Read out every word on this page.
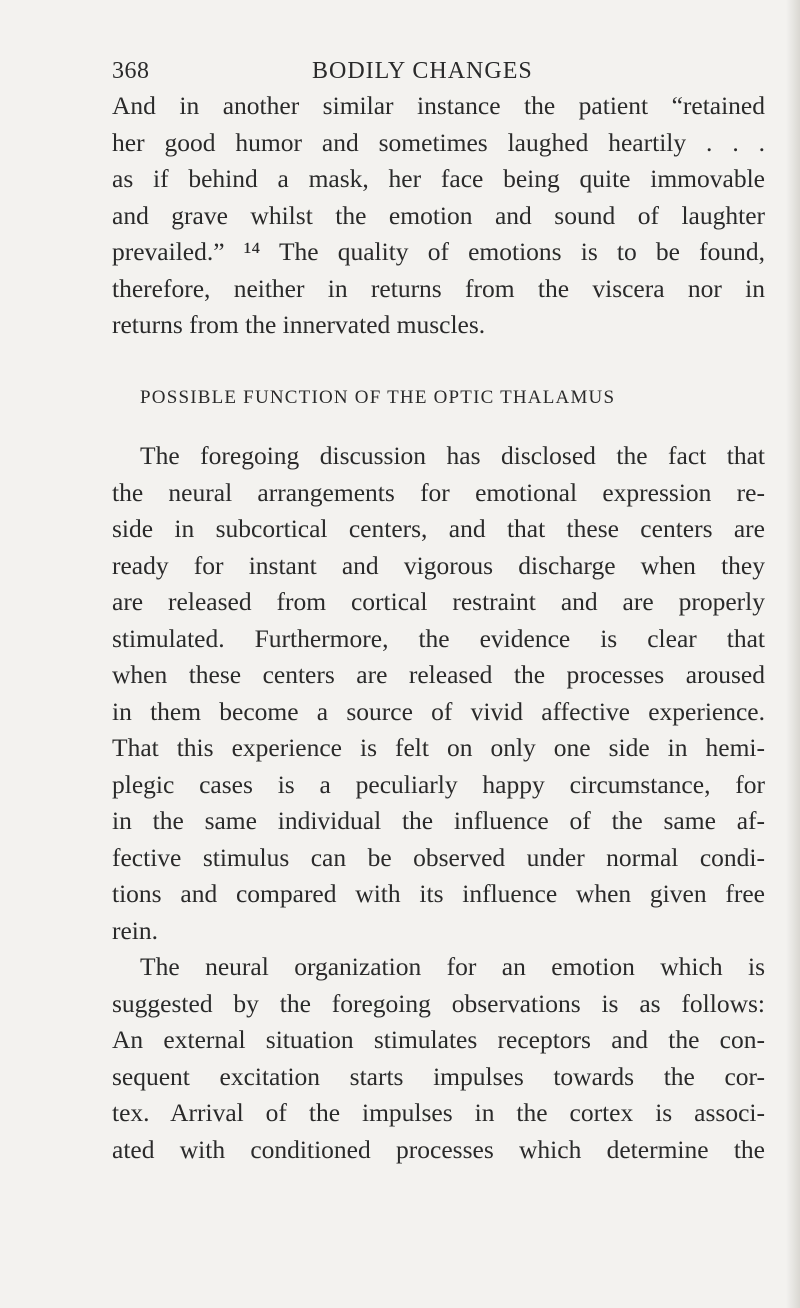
368	BODILY CHANGES
And in another similar instance the patient “retained
her good humor and sometimes laughed heartily . . .
as if behind a mask, her face being quite immovable
and grave whilst the emotion and sound of laughter
prevailed.” ¹⁴ The quality of emotions is to be found,
therefore, neither in returns from the viscera nor in
returns from the innervated muscles.
POSSIBLE FUNCTION OF THE OPTIC THALAMUS
The foregoing discussion has disclosed the fact that
the neural arrangements for emotional expression re-
side in subcortical centers, and that these centers are
ready for instant and vigorous discharge when they
are released from cortical restraint and are properly
stimulated. Furthermore, the evidence is clear that
when these centers are released the processes aroused
in them become a source of vivid affective experience.
That this experience is felt on only one side in hemi-
plegic cases is a peculiarly happy circumstance, for
in the same individual the influence of the same af-
fective stimulus can be observed under normal condi-
tions and compared with its influence when given free
rein.
The neural organization for an emotion which is
suggested by the foregoing observations is as follows:
An external situation stimulates receptors and the con-
sequent excitation starts impulses towards the cor-
tex. Arrival of the impulses in the cortex is associ-
ated with conditioned processes which determine the
